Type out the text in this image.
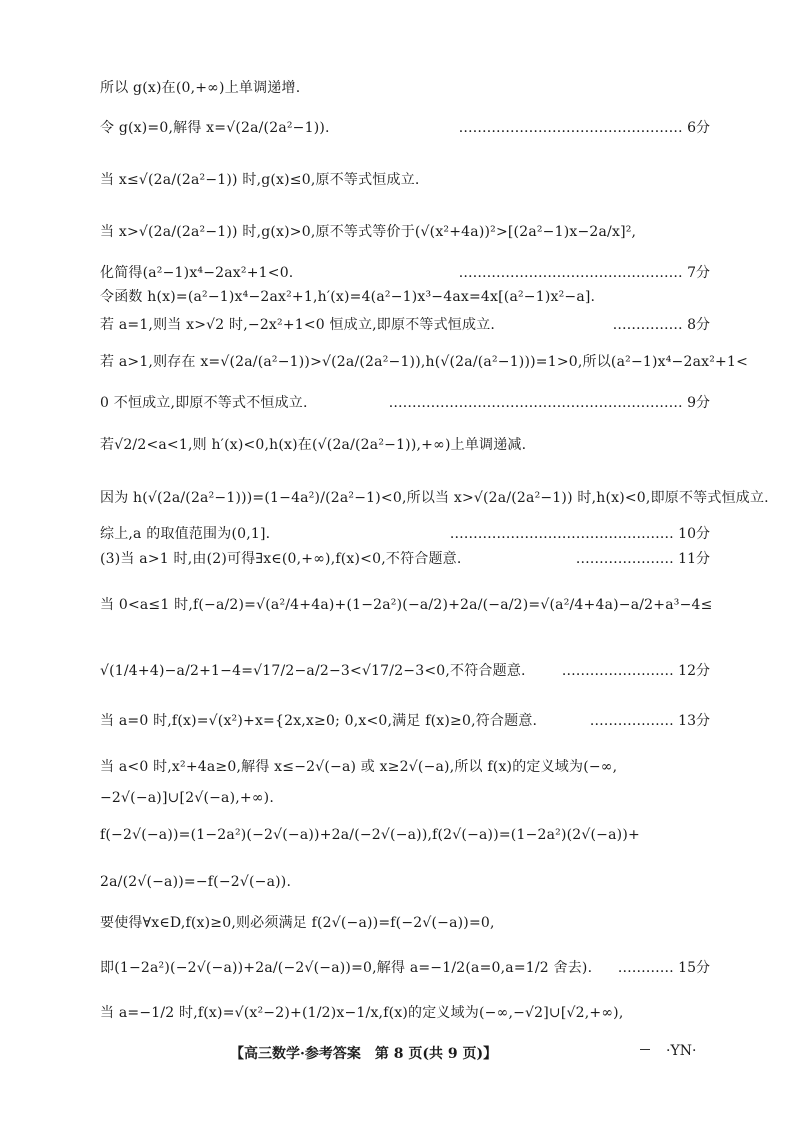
所以 g(x)在(0,+∞)上单调递增.
令 g(x)=0,解得 x=√(2a/(2a²−1)).	………………………………………… 6分
当 x≤√(2a/(2a²−1)) 时,g(x)≤0,原不等式恒成立.
当 x>√(2a/(2a²−1)) 时,g(x)>0,原不等式等价于(√(x²+4a))²>[(2a²−1)x−2a/x]²,
化简得(a²−1)x⁴−2ax²+1<0.	………………………………………… 7分
令函数 h(x)=(a²−1)x⁴−2ax²+1,h′(x)=4(a²−1)x³−4ax=4x[(a²−1)x²−a].
若 a=1,则当 x>√2 时,−2x²+1<0 恒成立,即原不等式恒成立.	…………… 8分
若 a>1,则存在 x=√(2a/(a²−1))>√(2a/(2a²−1)),h(√(2a/(a²−1)))=1>0,所以(a²−1)x⁴−2ax²+1<
0 不恒成立,即原不等式不恒成立.	……………………………………………………… 9分
若√2/2<a<1,则 h′(x)<0,h(x)在(√(2a/(2a²−1)),+∞)上单调递减.
因为 h(√(2a/(2a²−1)))=(1−4a²)/(2a²−1)<0,所以当 x>√(2a/(2a²−1)) 时,h(x)<0,即原不等式恒成立.
综上,a 的取值范围为(0,1].	………………………………………… 10分
(3)当 a>1 时,由(2)可得∃x∈(0,+∞),f(x)<0,不符合题意.	………………… 11分
当 0<a≤1 时,f(−a/2)=√(a²/4+4a)+(1−2a²)(−a/2)+2a/(−a/2)=√(a²/4+4a)−a/2+a³−4≤
√(1/4+4)−a/2+1−4=√17/2−a/2−3<√17/2−3<0,不符合题意.	…………………… 12分
当 a=0 时,f(x)=√(x²)+x={2x,x≥0; 0,x<0,满足 f(x)≥0,符合题意.	……………… 13分
当 a<0 时,x²+4a≥0,解得 x≤−2√(−a) 或 x≥2√(−a),所以 f(x)的定义域为(−∞,
−2√(−a)]∪[2√(−a),+∞).
f(−2√(−a))=(1−2a²)(−2√(−a))+2a/(−2√(−a)),f(2√(−a))=(1−2a²)(2√(−a))+
2a/(2√(−a))=−f(−2√(−a)).
要使得∀x∈D,f(x)≥0,则必须满足 f(2√(−a))=f(−2√(−a))=0,
即(1−2a²)(−2√(−a))+2a/(−2√(−a))=0,解得 a=−1/2(a=0,a=1/2 舍去).	………… 15分
当 a=−1/2 时,f(x)=√(x²−2)+(1/2)x−1/x,f(x)的定义域为(−∞,−√2]∪[√2,+∞),
【高三数学·参考答案　第 8 页(共 9 页)】	·YN·
